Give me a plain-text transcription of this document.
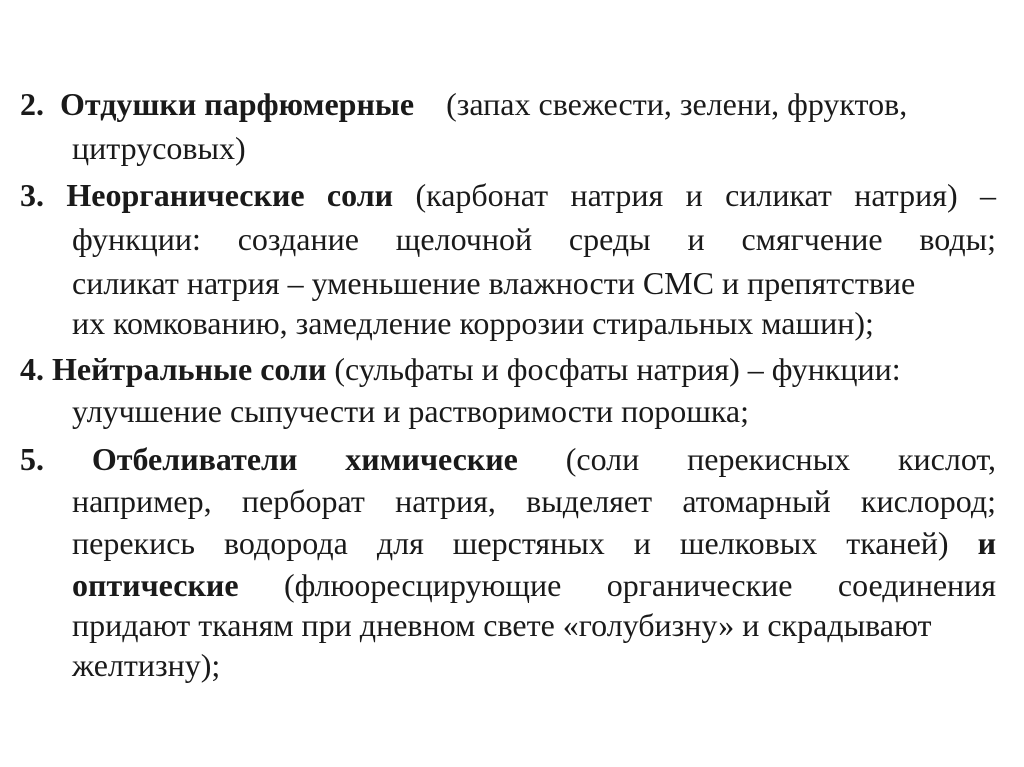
2. Отдушки парфюмерные (запах свежести, зелени, фруктов,
цитрусовых)
3. Неорганические соли (карбонат натрия и силикат натрия) –
функции: создание щелочной среды и смягчение воды;
силикат натрия – уменьшение влажности СМС и препятствие
их комкованию, замедление коррозии стиральных машин);
4. Нейтральные соли (сульфаты и фосфаты натрия) – функции:
улучшение сыпучести и растворимости порошка;
5. Отбеливатели химические (соли перекисных кислот,
например, перборат натрия, выделяет атомарный кислород;
перекись водорода для шерстяных и шелковых тканей) и
оптические (флюоресцирующие органические соединения
придают тканям при дневном свете «голубизну» и скрадывают
желтизну);
